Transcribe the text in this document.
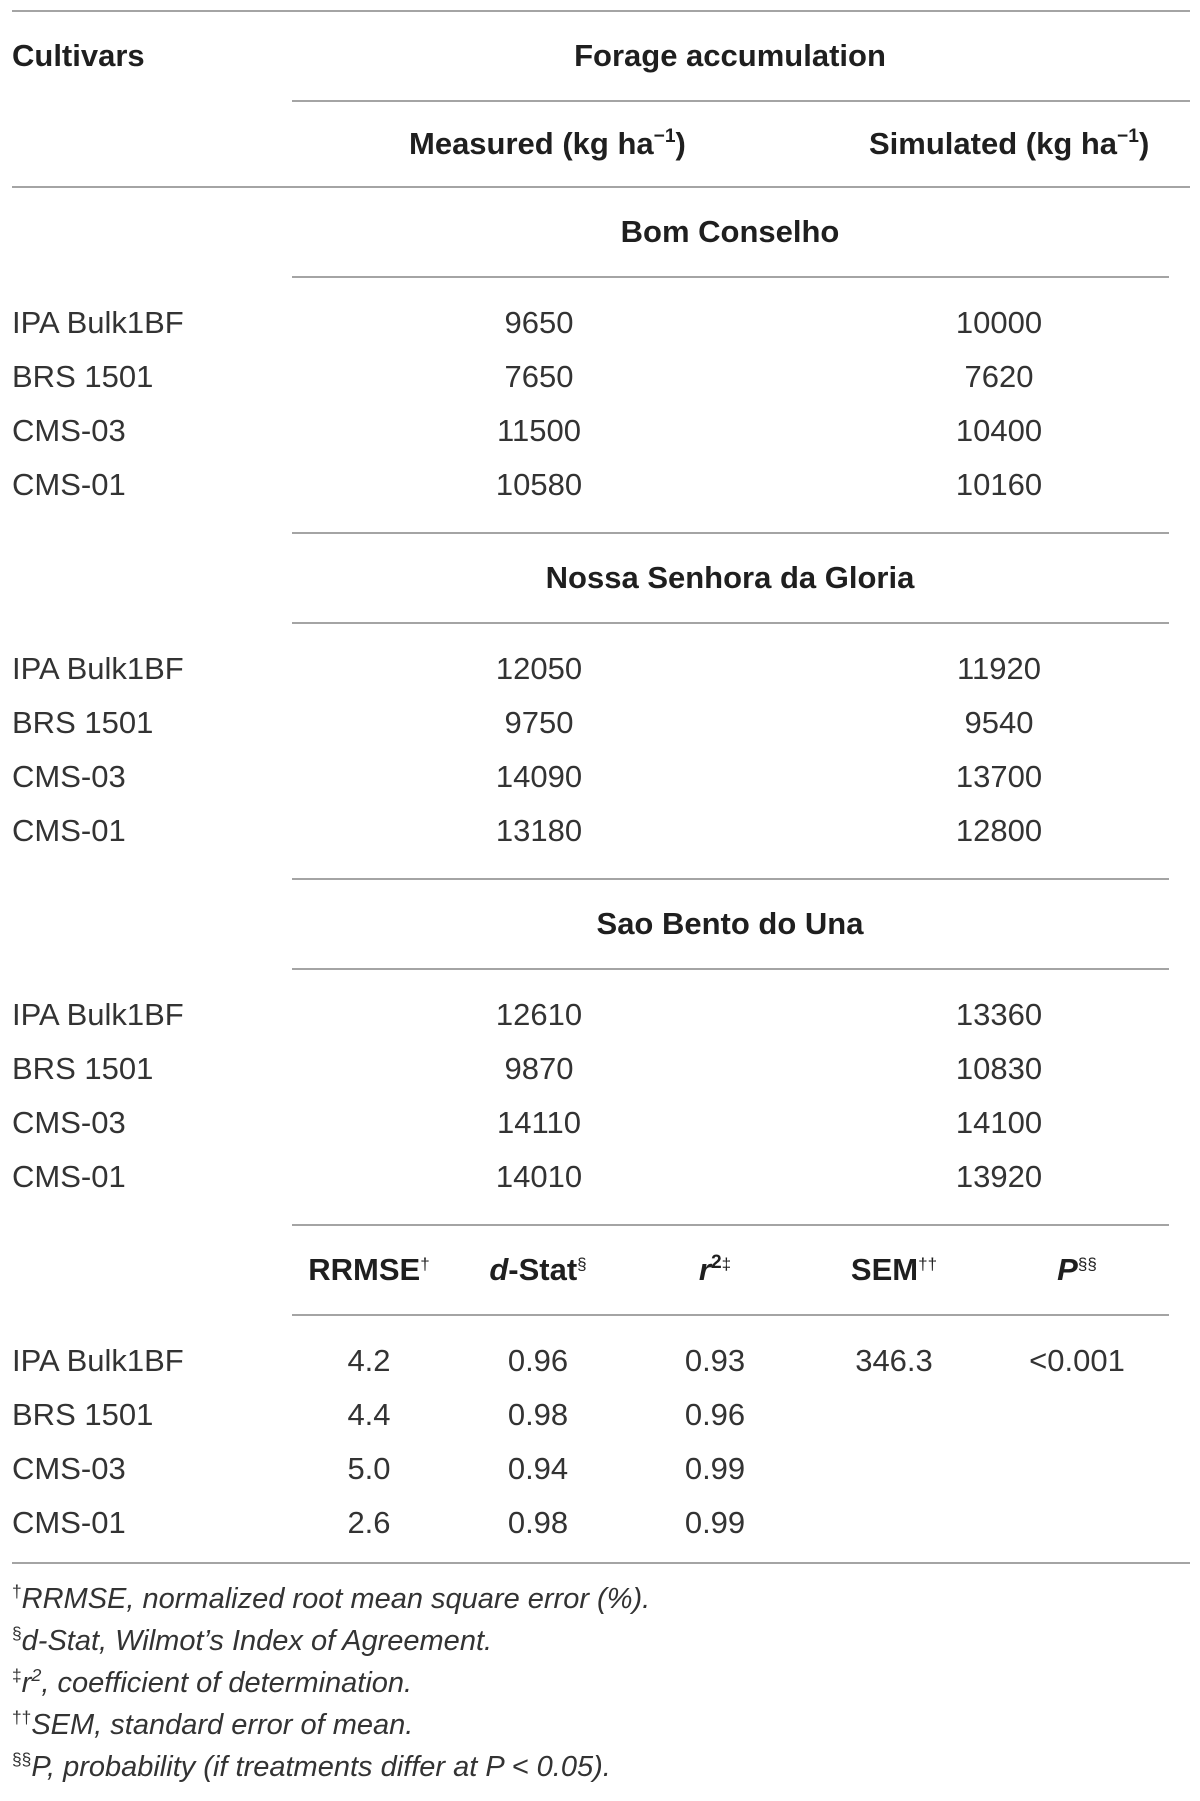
Cultivars	Forage accumulation
Measured (kg $ha^{-1}$)	Simulated (kg $ha^{-1}$)
Bom Conselho
IPA Bulk1BF	9650	10000
BRS 1501	7650	7620
CMS-03	11500	10400
CMS-01	10580	10160
Nossa Senhora da Gloria
IPA Bulk1BF	12050	11920
BRS 1501	9750	9540
CMS-03	14090	13700
CMS-01	13180	12800
Sao Bento do Una
IPA Bulk1BF	12610	13360
BRS 1501	9870	10830
CMS-03	14110	14100
CMS-01	14010	13920
RRMSE†	d-Stat§	$r^{2\ddagger}$	SEM††	P§§
IPA Bulk1BF	4.2	0.96	0.93	346.3	<0.001
BRS 1501	4.4	0.98	0.96
CMS-03	5.0	0.94	0.99
CMS-01	2.6	0.98	0.99
†RRMSE, normalized root mean square error (%).
§d-Stat, Wilmot’s Index of Agreement.
$^\ddagger r^2$, coefficient of determination.
††SEM, standard error of mean.
§§P, probability (if treatments differ at P < 0.05).
